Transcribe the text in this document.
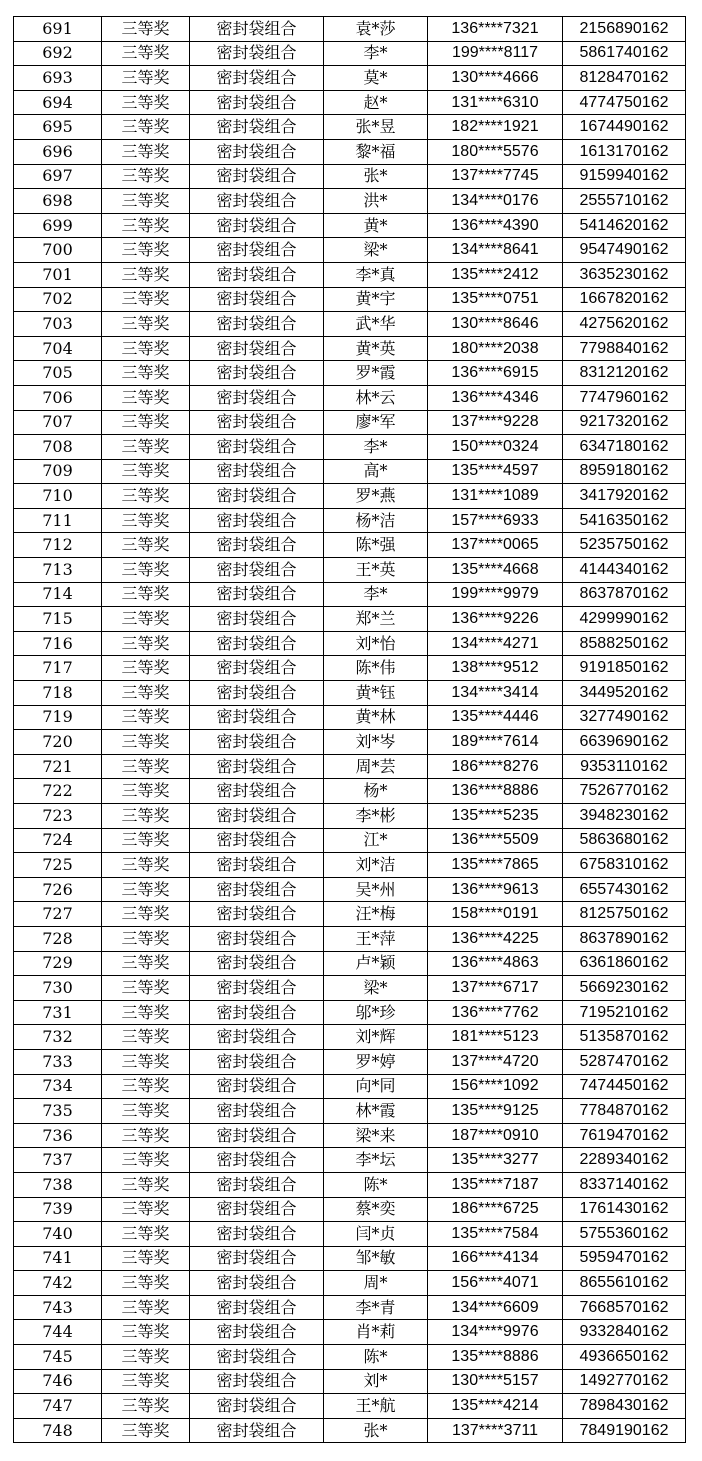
691	三等奖	密封袋组合	袁*莎	136****7321	2156890162
692	三等奖	密封袋组合	李*	199****8117	5861740162
693	三等奖	密封袋组合	莫*	130****4666	8128470162
694	三等奖	密封袋组合	赵*	131****6310	4774750162
695	三等奖	密封袋组合	张*昱	182****1921	1674490162
696	三等奖	密封袋组合	黎*福	180****5576	1613170162
697	三等奖	密封袋组合	张*	137****7745	9159940162
698	三等奖	密封袋组合	洪*	134****0176	2555710162
699	三等奖	密封袋组合	黄*	136****4390	5414620162
700	三等奖	密封袋组合	梁*	134****8641	9547490162
701	三等奖	密封袋组合	李*真	135****2412	3635230162
702	三等奖	密封袋组合	黄*宇	135****0751	1667820162
703	三等奖	密封袋组合	武*华	130****8646	4275620162
704	三等奖	密封袋组合	黄*英	180****2038	7798840162
705	三等奖	密封袋组合	罗*霞	136****6915	8312120162
706	三等奖	密封袋组合	林*云	136****4346	7747960162
707	三等奖	密封袋组合	廖*军	137****9228	9217320162
708	三等奖	密封袋组合	李*	150****0324	6347180162
709	三等奖	密封袋组合	高*	135****4597	8959180162
710	三等奖	密封袋组合	罗*燕	131****1089	3417920162
711	三等奖	密封袋组合	杨*洁	157****6933	5416350162
712	三等奖	密封袋组合	陈*强	137****0065	5235750162
713	三等奖	密封袋组合	王*英	135****4668	4144340162
714	三等奖	密封袋组合	李*	199****9979	8637870162
715	三等奖	密封袋组合	郑*兰	136****9226	4299990162
716	三等奖	密封袋组合	刘*怡	134****4271	8588250162
717	三等奖	密封袋组合	陈*伟	138****9512	9191850162
718	三等奖	密封袋组合	黄*钰	134****3414	3449520162
719	三等奖	密封袋组合	黄*林	135****4446	3277490162
720	三等奖	密封袋组合	刘*岑	189****7614	6639690162
721	三等奖	密封袋组合	周*芸	186****8276	9353110162
722	三等奖	密封袋组合	杨*	136****8886	7526770162
723	三等奖	密封袋组合	李*彬	135****5235	3948230162
724	三等奖	密封袋组合	江*	136****5509	5863680162
725	三等奖	密封袋组合	刘*洁	135****7865	6758310162
726	三等奖	密封袋组合	吴*州	136****9613	6557430162
727	三等奖	密封袋组合	汪*梅	158****0191	8125750162
728	三等奖	密封袋组合	王*萍	136****4225	8637890162
729	三等奖	密封袋组合	卢*颖	136****4863	6361860162
730	三等奖	密封袋组合	梁*	137****6717	5669230162
731	三等奖	密封袋组合	邬*珍	136****7762	7195210162
732	三等奖	密封袋组合	刘*辉	181****5123	5135870162
733	三等奖	密封袋组合	罗*婷	137****4720	5287470162
734	三等奖	密封袋组合	向*同	156****1092	7474450162
735	三等奖	密封袋组合	林*霞	135****9125	7784870162
736	三等奖	密封袋组合	梁*来	187****0910	7619470162
737	三等奖	密封袋组合	李*坛	135****3277	2289340162
738	三等奖	密封袋组合	陈*	135****7187	8337140162
739	三等奖	密封袋组合	蔡*奕	186****6725	1761430162
740	三等奖	密封袋组合	闫*贞	135****7584	5755360162
741	三等奖	密封袋组合	邹*敏	166****4134	5959470162
742	三等奖	密封袋组合	周*	156****4071	8655610162
743	三等奖	密封袋组合	李*青	134****6609	7668570162
744	三等奖	密封袋组合	肖*莉	134****9976	9332840162
745	三等奖	密封袋组合	陈*	135****8886	4936650162
746	三等奖	密封袋组合	刘*	130****5157	1492770162
747	三等奖	密封袋组合	王*航	135****4214	7898430162
748	三等奖	密封袋组合	张*	137****3711	7849190162
